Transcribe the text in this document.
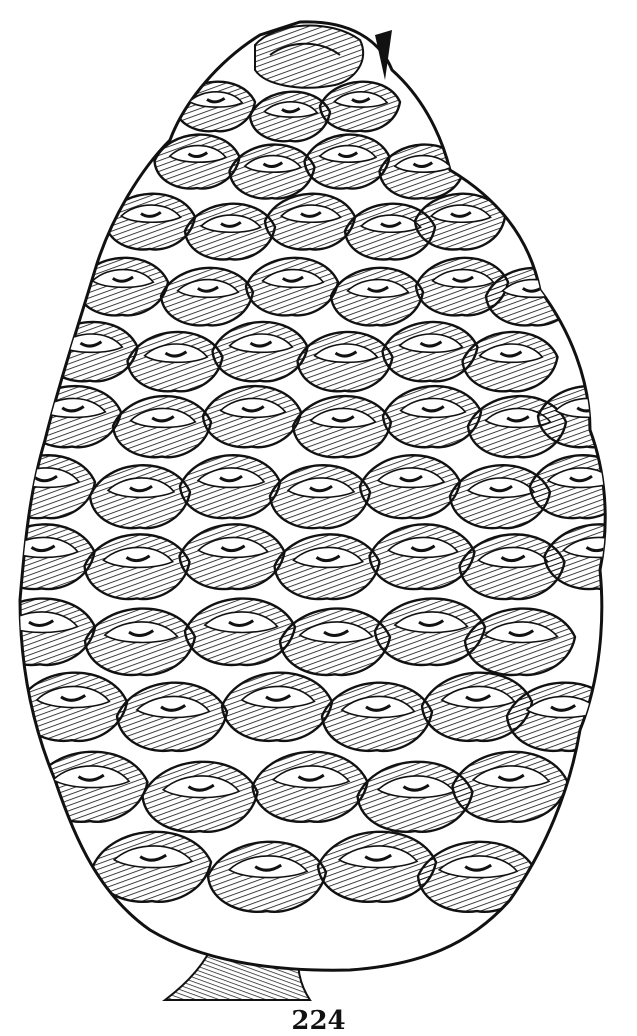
224
